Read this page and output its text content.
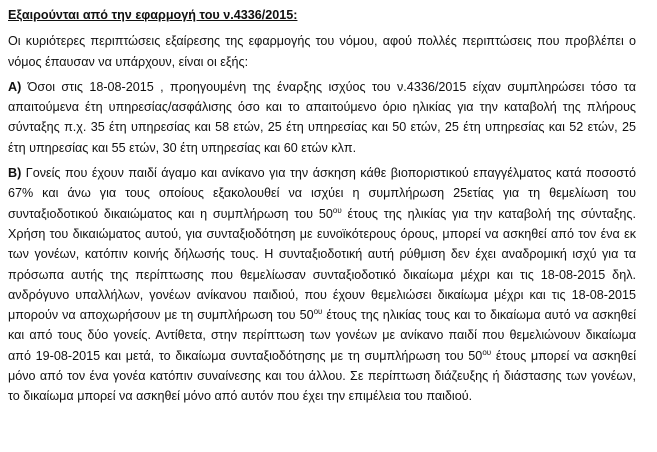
Εξαιρούνται από την εφαρμογή του ν.4336/2015:

Οι κυριότερες περιπτώσεις εξαίρεσης της εφαρμογής του νόμου, αφού πολλές περιπτώσεις που προβλέπει ο νόμος έπαυσαν να υπάρχουν, είναι οι εξής:

Α) Όσοι στις 18-08-2015 , προηγουμένη της έναρξης ισχύος του ν.4336/2015 είχαν συμπληρώσει τόσο τα απαιτούμενα έτη υπηρεσίας/ασφάλισης όσο και το απαιτούμενο όριο ηλικίας για την καταβολή της πλήρους σύνταξης π.χ. 35 έτη υπηρεσίας και 58 ετών, 25 έτη υπηρεσίας και 50 ετών, 25 έτη υπηρεσίας και 52 ετών, 25 έτη υπηρεσίας και 55 ετών, 30 έτη υπηρεσίας και 60 ετών κλπ.

Β) Γονείς που έχουν παιδί άγαμο και ανίκανο για την άσκηση κάθε βιοποριστικού επαγγέλματος κατά ποσοστό 67% και άνω για τους οποίους εξακολουθεί να ισχύει η συμπλήρωση 25ετίας για τη θεμελίωση του συνταξιοδοτικού δικαιώματος και η συμπλήρωση του $50^{o\upsilon}$ έτους της ηλικίας για την καταβολή της σύνταξης. Χρήση του δικαιώματος αυτού, για συνταξιοδότηση με ευνοϊκότερους όρους, μπορεί να ασκηθεί από τον ένα εκ των γονέων, κατόπιν κοινής δήλωσής τους. Η συνταξιοδοτική αυτή ρύθμιση δεν έχει αναδρομική ισχύ για τα πρόσωπα αυτής της περίπτωσης που θεμελίωσαν συνταξιοδοτικό δικαίωμα μέχρι και τις 18-08-2015 δηλ. ανδρόγυνο υπαλλήλων, γονέων ανίκανου παιδιού, που έχουν θεμελιώσει δικαίωμα μέχρι και τις 18-08-2015 μπορούν να αποχωρήσουν με τη συμπλήρωση του $50^{o\upsilon}$ έτους της ηλικίας τους και το δικαίωμα αυτό να ασκηθεί και από τους δύο γονείς. Αντίθετα, στην περίπτωση των γονέων με ανίκανο παιδί που θεμελιώνουν δικαίωμα από 19-08-2015 και μετά, το δικαίωμα συνταξιοδότησης με τη συμπλήρωση του $50^{o\upsilon}$ έτους μπορεί να ασκηθεί μόνο από τον ένα γονέα κατόπιν συναίνεσης και του άλλου. Σε περίπτωση διάζευξης ή διάστασης των γονέων, το δικαίωμα μπορεί να ασκηθεί μόνο από αυτόν που έχει την επιμέλεια του παιδιού.
